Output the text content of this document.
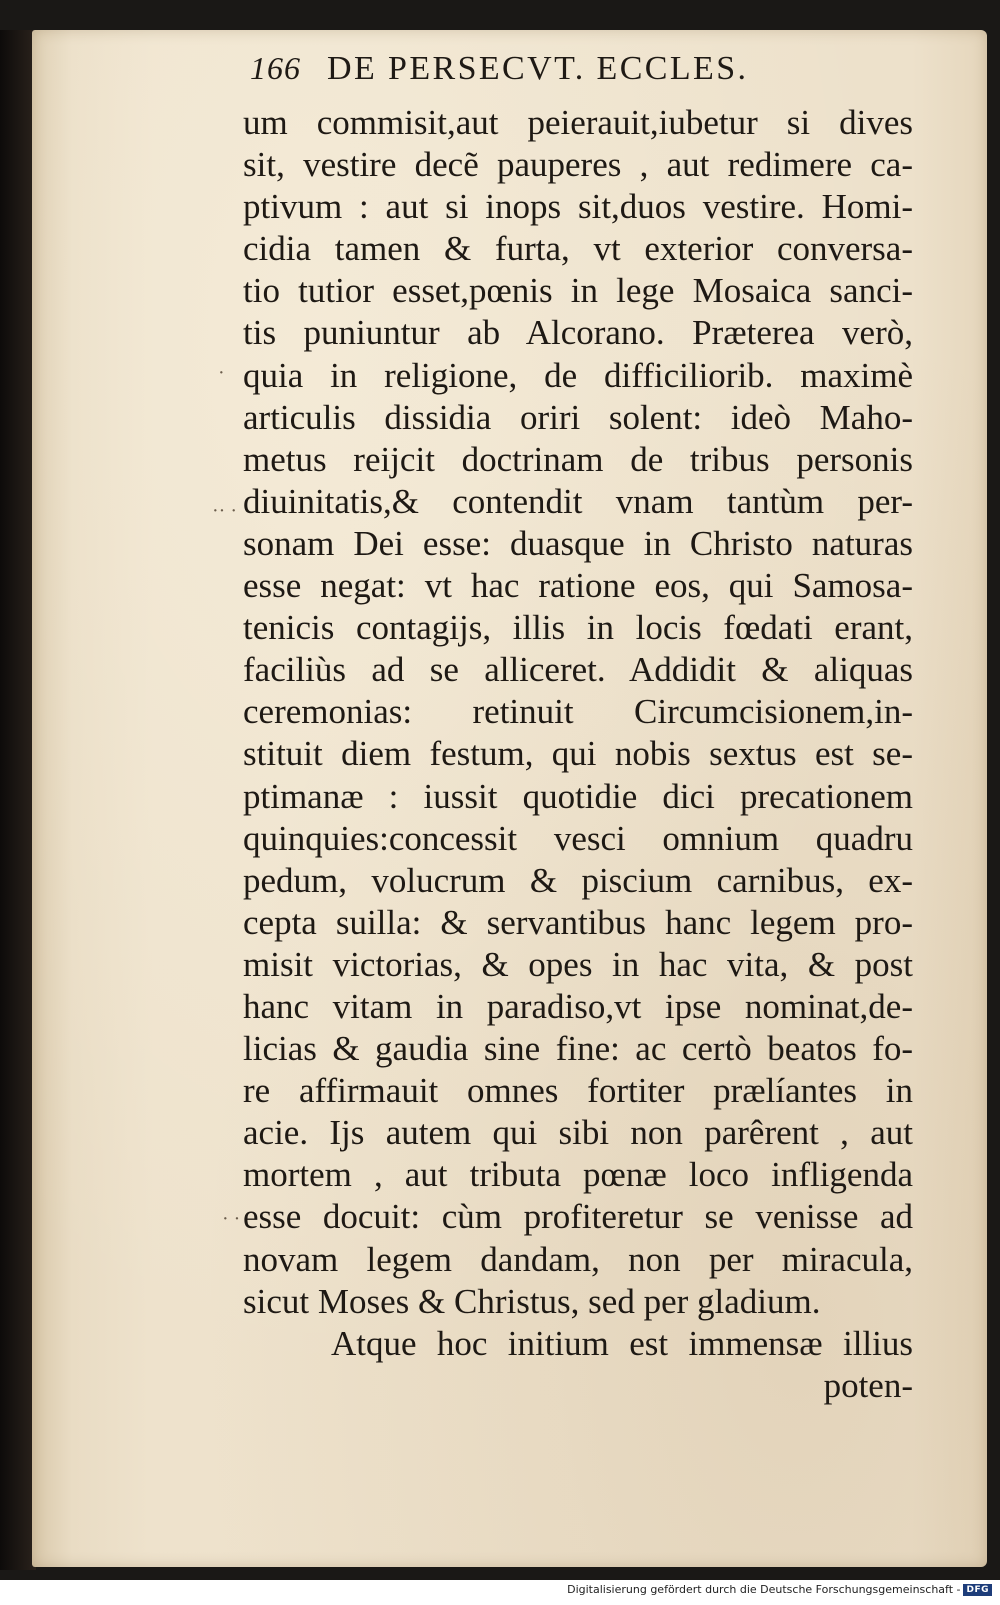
166 DE PERSECVT. ECCLES.
um commisit,aut peierauit,iubetur si dives
sit, vestire decẽ pauperes , aut redimere ca-
ptivum : aut si inops sit,duos vestire. Homi-
cidia tamen & furta, vt exterior conversa-
tio tutior esset,pœnis in lege Mosaica sanci-
tis puniuntur ab Alcorano. Præterea verò,
quia in religione, de difficiliorib. maximè
articulis dissidia oriri solent: ideò Maho-
metus reijcit doctrinam de tribus personis
diuinitatis,& contendit vnam tantùm per-
sonam Dei esse: duasque in Christo naturas
esse negat: vt hac ratione eos, qui Samosa-
tenicis contagijs, illis in locis fœdati erant,
faciliùs ad se alliceret. Addidit & aliquas
ceremonias: retinuit Circumcisionem,in-
stituit diem festum, qui nobis sextus est se-
ptimanæ : iussit quotidie dici precationem
quinquies:concessit vesci omnium quadru
pedum, volucrum & piscium carnibus, ex-
cepta suilla: & servantibus hanc legem pro-
misit victorias, & opes in hac vita, & post
hanc vitam in paradiso,vt ipse nominat,de-
licias & gaudia sine fine: ac certò beatos fo-
re affirmauit omnes fortiter prælíantes in
acie. Ijs autem qui sibi non parêrent , aut
mortem , aut tributa pœnæ loco infligenda
esse docuit: cùm profiteretur se venisse ad
novam legem dandam, non per miracula,
sicut Moses & Christus, sed per gladium.
Atque hoc initium est immensæ illius
poten-
·
·· ·
· ·
Digitalisierung gefördert durch die Deutsche Forschungsgemeinschaft - DFG
